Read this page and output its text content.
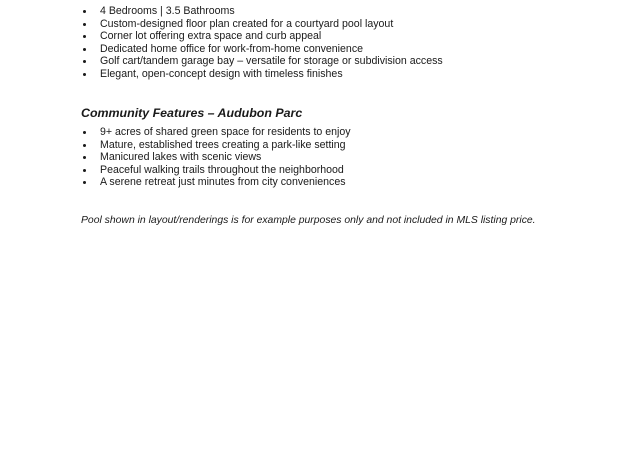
4 Bedrooms | 3.5 Bathrooms
Custom-designed floor plan created for a courtyard pool layout
Corner lot offering extra space and curb appeal
Dedicated home office for work-from-home convenience
Golf cart/tandem garage bay – versatile for storage or subdivision access
Elegant, open-concept design with timeless finishes
Community Features – Audubon Parc
9+ acres of shared green space for residents to enjoy
Mature, established trees creating a park-like setting
Manicured lakes with scenic views
Peaceful walking trails throughout the neighborhood
A serene retreat just minutes from city conveniences
Pool shown in layout/renderings is for example purposes only and not included in MLS listing price.
